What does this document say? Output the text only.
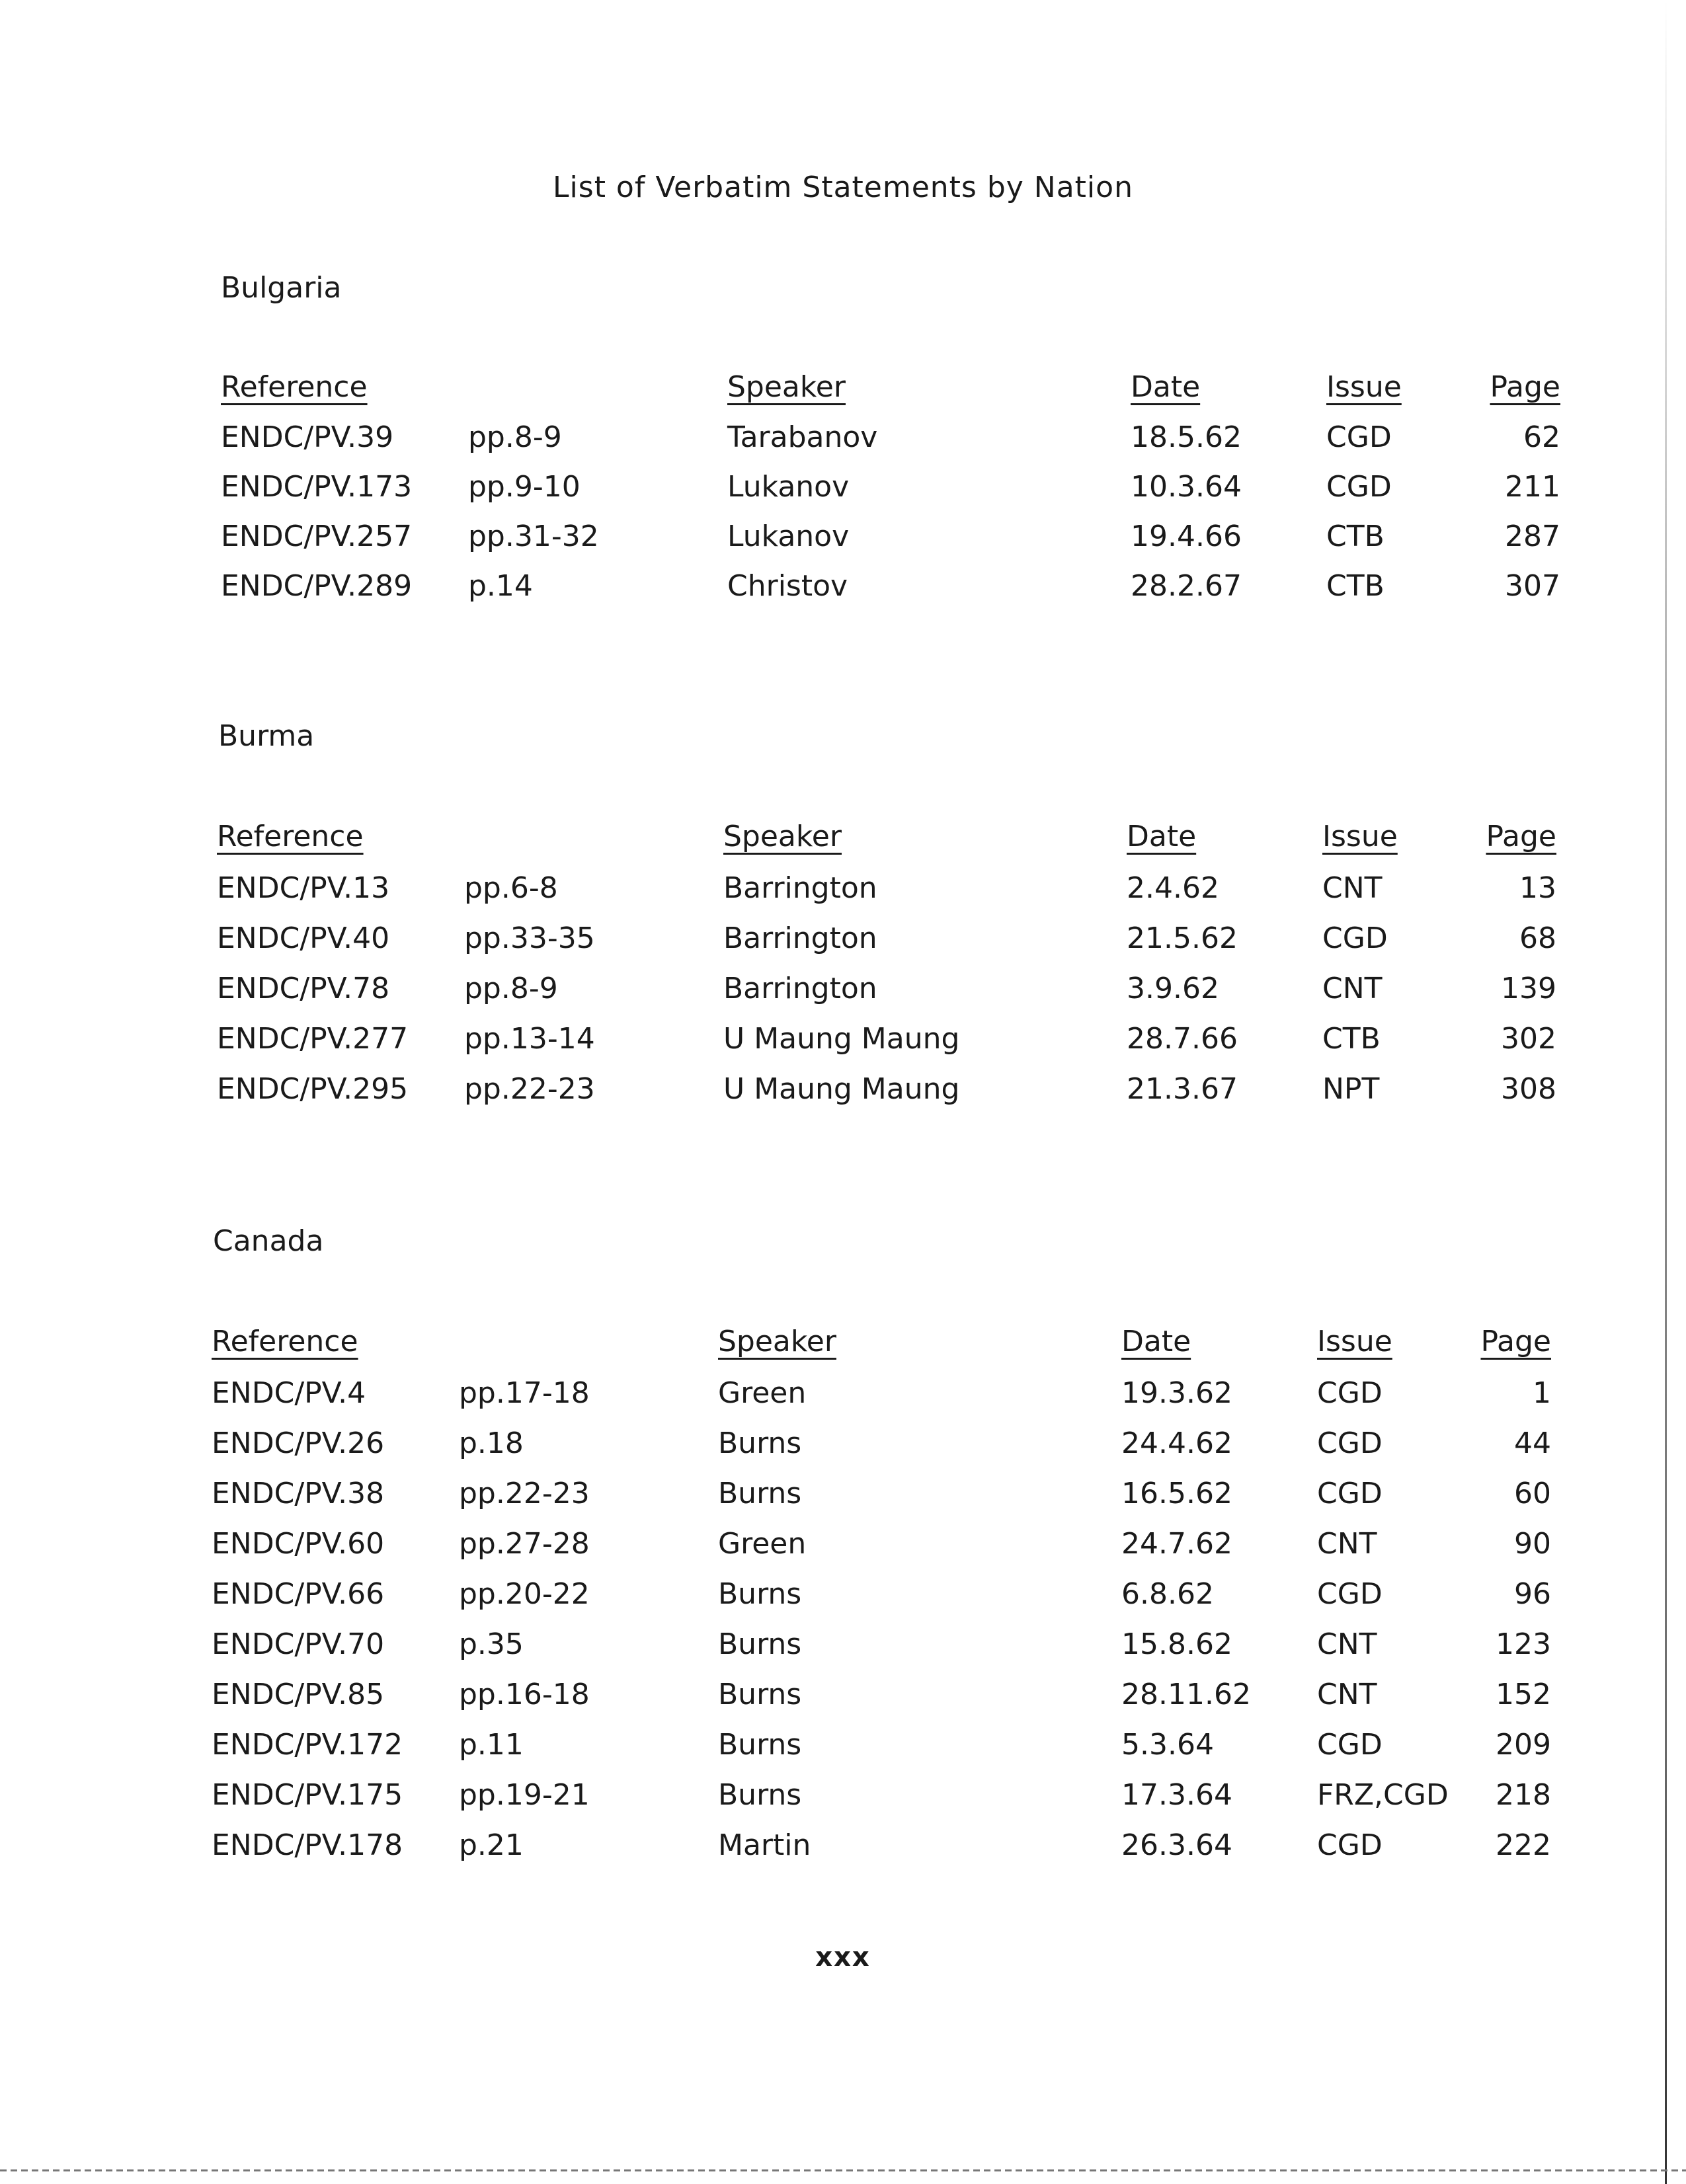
List of Verbatim Statements by Nation
Bulgaria
Reference	Speaker	Date	Issue	Page
ENDC/PV.39	pp.8-9	Tarabanov	18.5.62	CGD	62
ENDC/PV.173 pp.9-10	Lukanov	10.3.64	CGD	211
ENDC/PV.257 pp.31-32	Lukanov	19.4.66	CTB	287
ENDC/PV.289 p.14	Christov	28.2.67	CTB	307
Burma
Reference	Speaker	Date	Issue	Page
ENDC/PV.13	pp.6-8	Barrington	2.4.62	CNT	13
ENDC/PV.40	pp.33-35	Barrington	21.5.62	CGD	68
ENDC/PV.78	pp.8-9	Barrington	3.9.62	CNT	139
ENDC/PV.277 pp.13-14	U Maung Maung	28.7.66	CTB	302
ENDC/PV.295 pp.22-23	U Maung Maung	21.3.67	NPT	308
Canada
Reference	Speaker	Date	Issue	Page
ENDC/PV.4	pp.17-18	Green	19.3.62	CGD	1
ENDC/PV.26	p.18	Burns	24.4.62	CGD	44
ENDC/PV.38	pp.22-23	Burns	16.5.62	CGD	60
ENDC/PV.60	pp.27-28	Green	24.7.62	CNT	90
ENDC/PV.66	pp.20-22	Burns	6.8.62	CGD	96
ENDC/PV.70	p.35	Burns	15.8.62	CNT	123
ENDC/PV.85	pp.16-18	Burns	28.11.62 CNT	152
ENDC/PV.172 p.11	Burns	5.3.64	CGD	209
ENDC/PV.175 pp.19-21	Burns	17.3.64	FRZ,CGD	218
ENDC/PV.178 p.21	Martin	26.3.64	CGD	222
xxx
